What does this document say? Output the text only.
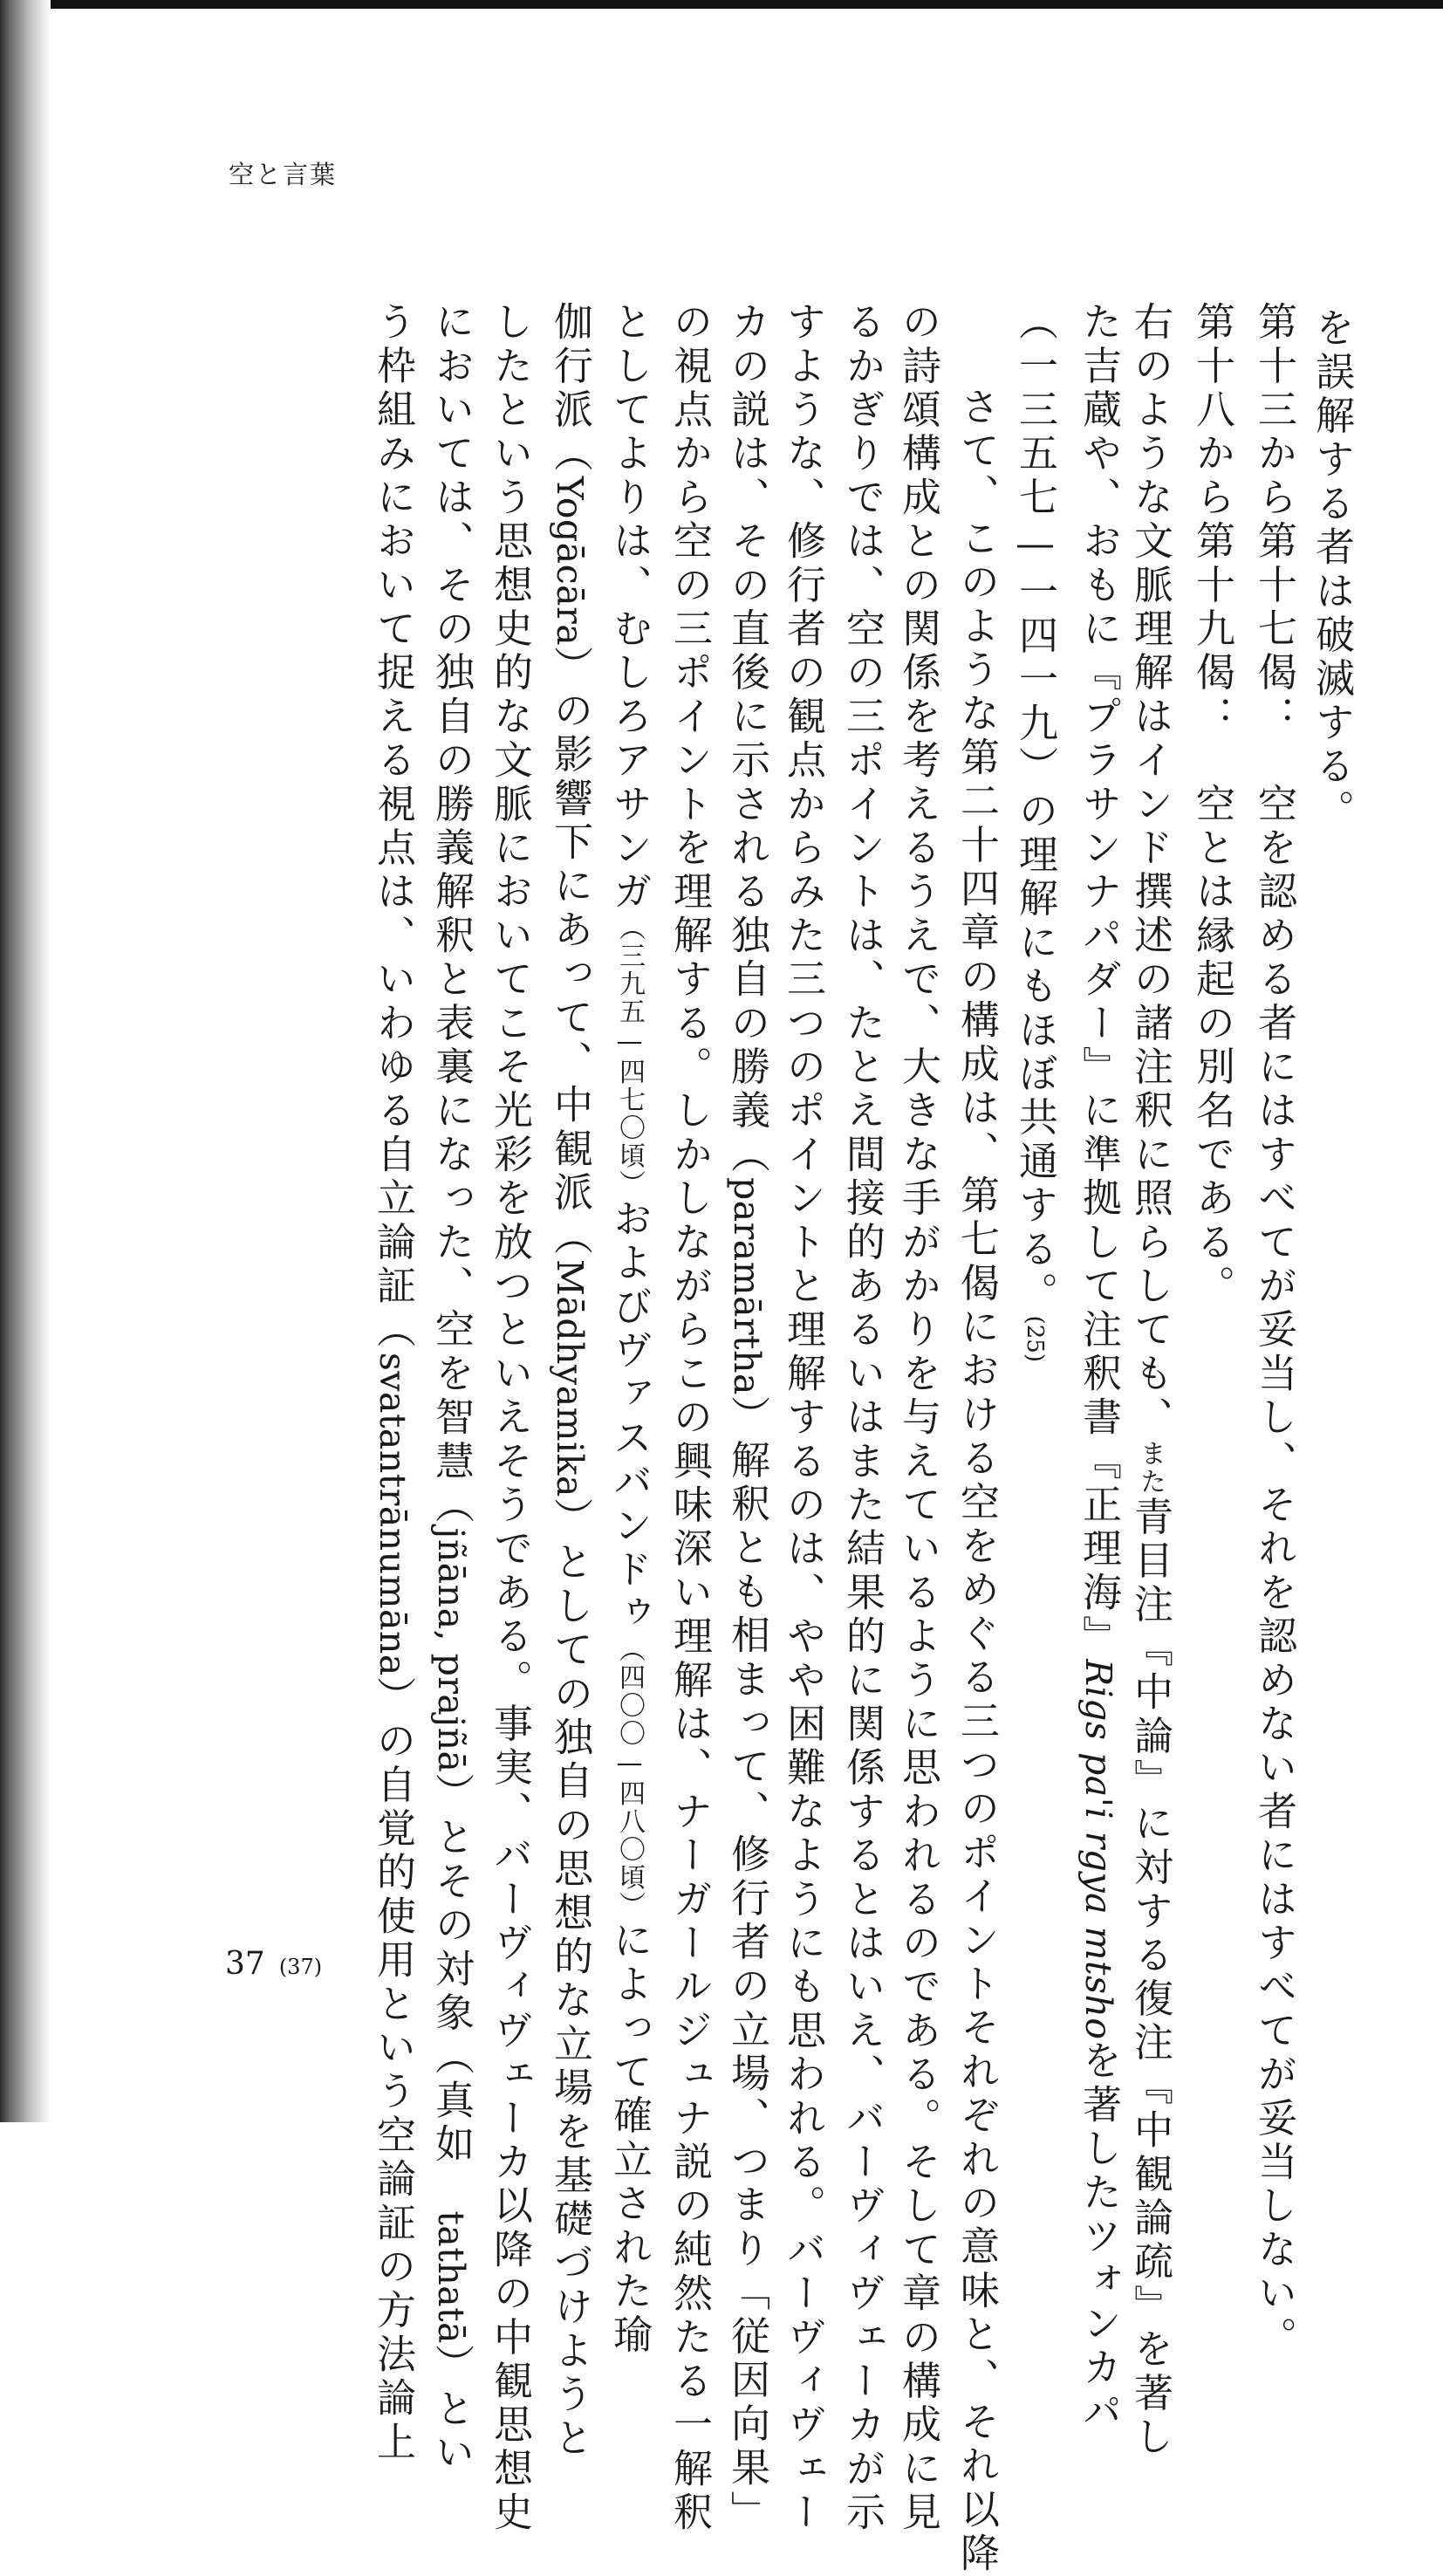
空と言葉
を誤解する者は破滅する。
第十三から第十七偈：　空を認める者にはすべてが妥当し、それを認めない者にはすべてが妥当しない。
第十八から第十九偈：　空とは縁起の別名である。
右のような文脈理解はインド撰述の諸注釈に照らしても、また青目注『中論』に対する復注『中観論疏』を著し
た吉蔵や、おもに『プラサンナパダー』に準拠して注釈書『正理海』Rigs pa'i rgya mtshoを著したツォンカパ
（一三五七—一四一九）の理解にもほぼ共通する。(25)
　さて、このような第二十四章の構成は、第七偈における空をめぐる三つのポイントそれぞれの意味と、それ以降
の詩頌構成との関係を考えるうえで、大きな手がかりを与えているように思われるのである。そして章の構成に見
るかぎりでは、空の三ポイントは、たとえ間接的あるいはまた結果的に関係するとはいえ、バーヴィヴェーカが示
すような、修行者の観点からみた三つのポイントと理解するのは、やや困難なようにも思われる。バーヴィヴェー
カの説は、その直後に示される独自の勝義（paramārtha）解釈とも相まって、修行者の立場、つまり「従因向果」
の視点から空の三ポイントを理解する。しかしながらこの興味深い理解は、ナーガールジュナ説の純然たる一解釈
としてよりは、むしろアサンガ（三九五—四七〇頃）およびヴァスバンドゥ（四〇〇—四八〇頃）によって確立された瑜
伽行派（Yogācāra）の影響下にあって、中観派（Mādhyamika）としての独自の思想的な立場を基礎づけようと
したという思想史的な文脈においてこそ光彩を放つといえそうである。事実、バーヴィヴェーカ以降の中観思想史
においては、その独自の勝義解釈と表裏になった、空を智慧（jñāna, prajñā）とその対象（真如　tathatā）とい
う枠組みにおいて捉える視点は、いわゆる自立論証（svatantrānumāna）の自覚的使用という空論証の方法論上
37 (37)
